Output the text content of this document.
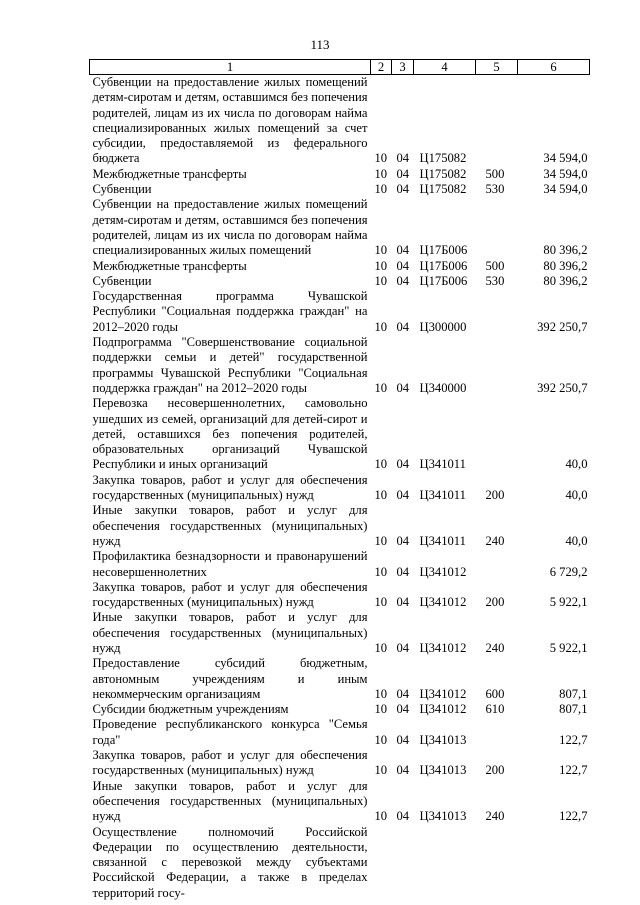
113
1	2	3	4	5	6
Субвенции на предоставление жилых помещений детям-сиротам и детям, оставшимся без попечения родителей, лицам из их числа по договорам найма специализированных жилых помещений за счет субсидии, предоставляемой из федерального бюджета	10	04	Ц175082		34 594,0
Межбюджетные трансферты	10	04	Ц175082	500	34 594,0
Субвенции	10	04	Ц175082	530	34 594,0
Субвенции на предоставление жилых помещений детям-сиротам и детям, оставшимся без попечения родителей, лицам из их числа по договорам найма специализированных жилых помещений	10	04	Ц17Б006		80 396,2
Межбюджетные трансферты	10	04	Ц17Б006	500	80 396,2
Субвенции	10	04	Ц17Б006	530	80 396,2
Государственная программа Чувашской Республики "Социальная поддержка граждан" на 2012–2020 годы	10	04	Ц300000		392 250,7
Подпрограмма "Совершенствование социальной поддержки семьи и детей" государственной программы Чувашской Республики "Социальная поддержка граждан" на 2012–2020 годы	10	04	Ц340000		392 250,7
Перевозка несовершеннолетних, самовольно ушедших из семей, организаций для детей-сирот и детей, оставшихся без попечения родителей, образовательных организаций Чувашской Республики и иных организаций	10	04	Ц341011		40,0
Закупка товаров, работ и услуг для обеспечения государственных (муниципальных) нужд	10	04	Ц341011	200	40,0
Иные закупки товаров, работ и услуг для обеспечения государственных (муниципальных) нужд	10	04	Ц341011	240	40,0
Профилактика безнадзорности и правонарушений несовершеннолетних	10	04	Ц341012		6 729,2
Закупка товаров, работ и услуг для обеспечения государственных (муниципальных) нужд	10	04	Ц341012	200	5 922,1
Иные закупки товаров, работ и услуг для обеспечения государственных (муниципальных) нужд	10	04	Ц341012	240	5 922,1
Предоставление субсидий бюджетным, автономным учреждениям и иным некоммерческим организациям	10	04	Ц341012	600	807,1
Субсидии бюджетным учреждениям	10	04	Ц341012	610	807,1
Проведение республиканского конкурса "Семья года"	10	04	Ц341013		122,7
Закупка товаров, работ и услуг для обеспечения государственных (муниципальных) нужд	10	04	Ц341013	200	122,7
Иные закупки товаров, работ и услуг для обеспечения государственных (муниципальных) нужд	10	04	Ц341013	240	122,7
Осуществление полномочий Российской Федерации по осуществлению деятельности, связанной с перевозкой между субъектами Российской Федерации, а также в пределах территорий госу-					
